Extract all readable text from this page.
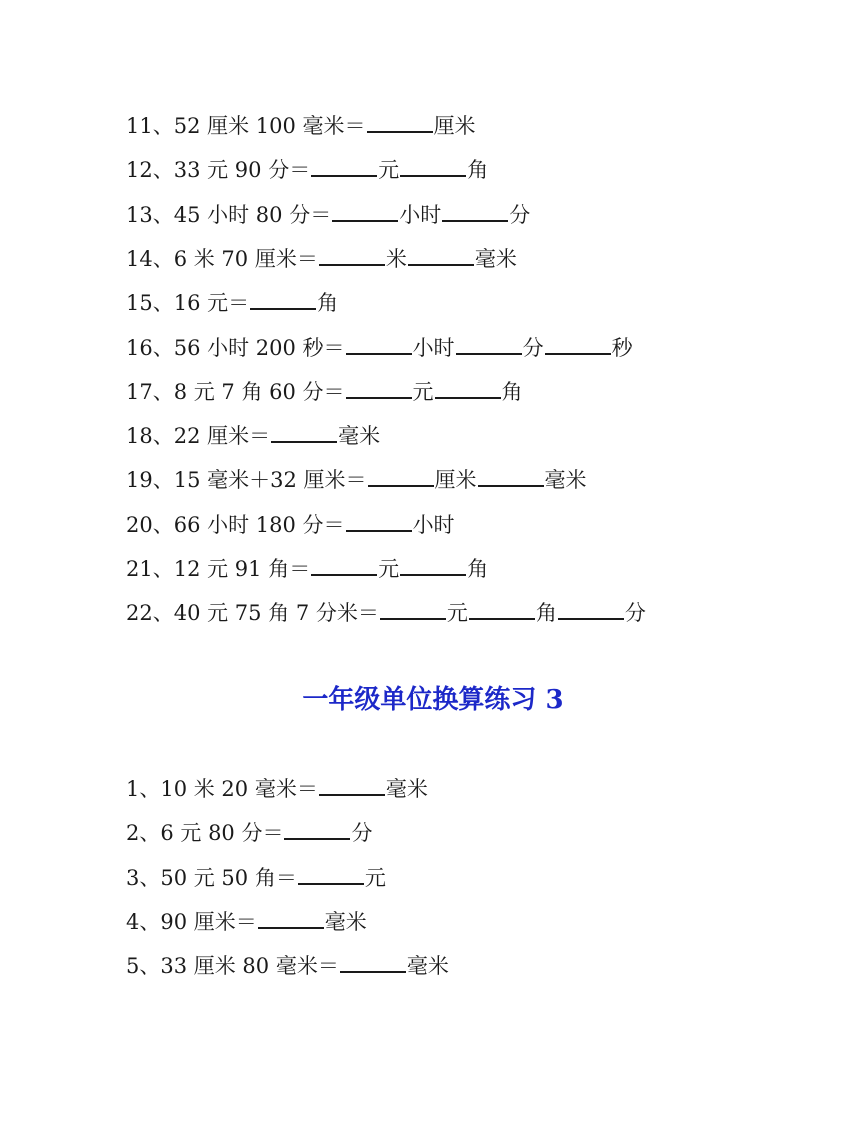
11、52 厘米 100 毫米＝	厘米
12、33 元 90 分＝	元	角
13、45 小时 80 分＝	小时	分
14、6 米 70 厘米＝	米	毫米
15、16 元＝	角
16、56 小时 200 秒＝	小时	分	秒
17、8 元 7 角 60 分＝	元	角
18、22 厘米＝	毫米
19、15 毫米＋32 厘米＝	厘米	毫米
20、66 小时 180 分＝	小时
21、12 元 91 角＝	元	角
22、40 元 75 角 7 分米＝	元	角	分
一年级单位换算练习 3
1、10 米 20 毫米＝	毫米
2、6 元 80 分＝	分
3、50 元 50 角＝	元
4、90 厘米＝	毫米
5、33 厘米 80 毫米＝	毫米
